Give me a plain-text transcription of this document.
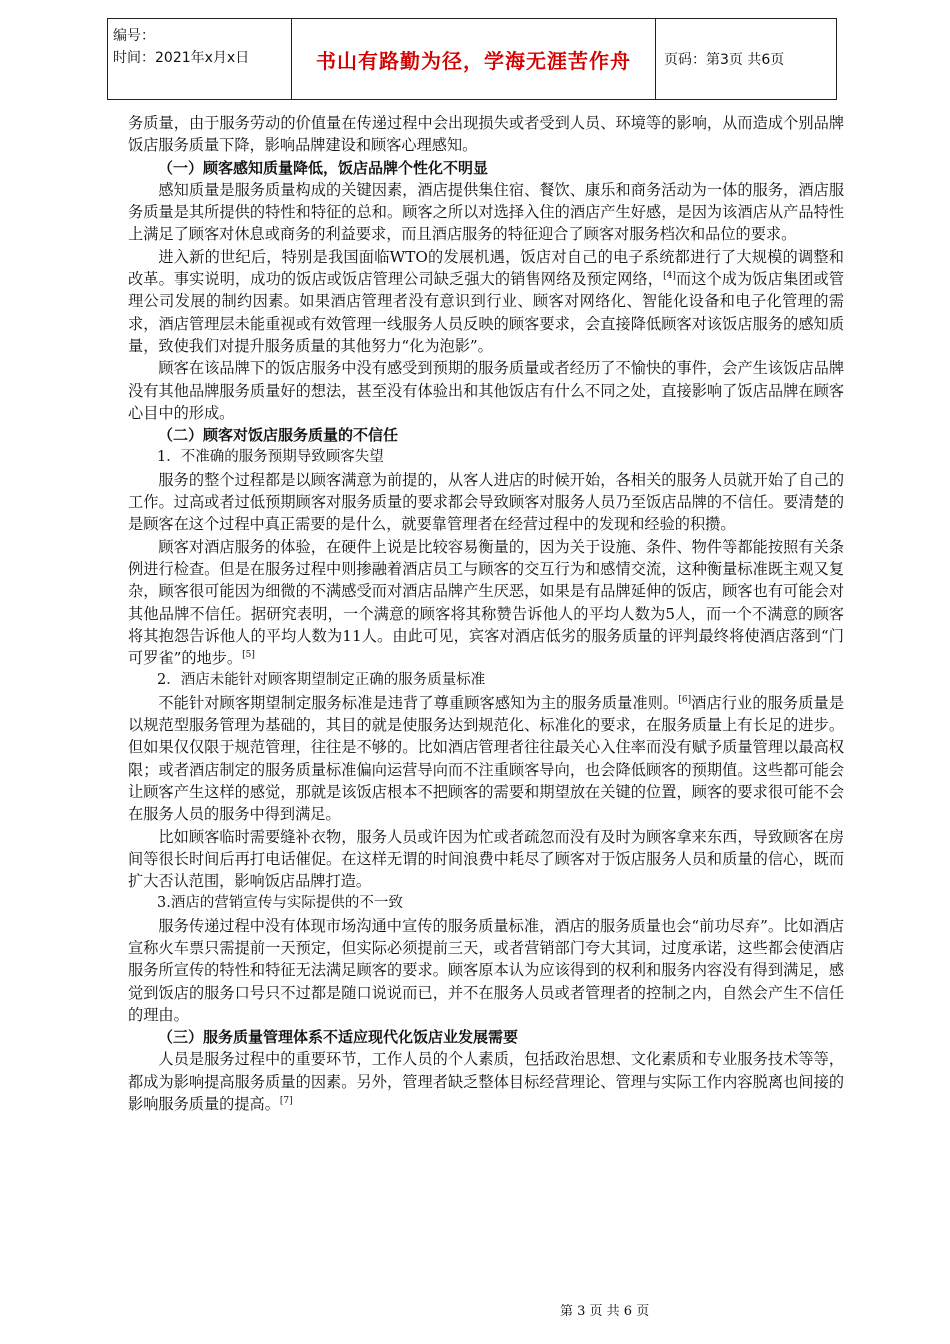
编号：
时间：2021年x月x日	书山有路勤为径，学海无涯苦作舟 页码：第3页 共6页

务质量，由于服务劳动的价值量在传递过程中会出现损失或者受到人员、环境等的影响，从而造成个别品牌饭店服务质量下降，影响品牌建设和顾客心理感知。

（一）顾客感知质量降低，饭店品牌个性化不明显

感知质量是服务质量构成的关键因素，酒店提供集住宿、餐饮、康乐和商务活动为一体的服务，酒店服务质量是其所提供的特性和特征的总和。顾客之所以对选择入住的酒店产生好感，是因为该酒店从产品特性上满足了顾客对休息或商务的利益要求，而且酒店服务的特征迎合了顾客对服务档次和品位的要求。

进入新的世纪后，特别是我国面临WTO的发展机遇，饭店对自己的电子系统都进行了大规模的调整和改革。事实说明，成功的饭店或饭店管理公司缺乏强大的销售网络及预定网络，[4]而这个成为饭店集团或管理公司发展的制约因素。如果酒店管理者没有意识到行业、顾客对网络化、智能化设备和电子化管理的需求，酒店管理层未能重视或有效管理一线服务人员反映的顾客要求，会直接降低顾客对该饭店服务的感知质量，致使我们对提升服务质量的其他努力“化为泡影”。

顾客在该品牌下的饭店服务中没有感受到预期的服务质量或者经历了不愉快的事件，会产生该饭店品牌没有其他品牌服务质量好的想法，甚至没有体验出和其他饭店有什么不同之处，直接影响了饭店品牌在顾客心目中的形成。

（二）顾客对饭店服务质量的不信任

1．不准确的服务预期导致顾客失望

服务的整个过程都是以顾客满意为前提的，从客人进店的时候开始，各相关的服务人员就开始了自己的工作。过高或者过低预期顾客对服务质量的要求都会导致顾客对服务人员乃至饭店品牌的不信任。要清楚的是顾客在这个过程中真正需要的是什么，就要靠管理者在经营过程中的发现和经验的积攒。

顾客对酒店服务的体验，在硬件上说是比较容易衡量的，因为关于设施、条件、物件等都能按照有关条例进行检查。但是在服务过程中则掺融着酒店员工与顾客的交互行为和感情交流，这种衡量标准既主观又复杂，顾客很可能因为细微的不满感受而对酒店品牌产生厌恶，如果是有品牌延伸的饭店，顾客也有可能会对其他品牌不信任。据研究表明，一个满意的顾客将其称赞告诉他人的平均人数为5人，而一个不满意的顾客将其抱怨告诉他人的平均人数为11人。由此可见，宾客对酒店低劣的服务质量的评判最终将使酒店落到“门可罗雀”的地步。[5]

2．酒店未能针对顾客期望制定正确的服务质量标准

不能针对顾客期望制定服务标准是违背了尊重顾客感知为主的服务质量准则。[6]酒店行业的服务质量是以规范型服务管理为基础的，其目的就是使服务达到规范化、标准化的要求，在服务质量上有长足的进步。但如果仅仅限于规范管理，往往是不够的。比如酒店管理者往往最关心入住率而没有赋予质量管理以最高权限；或者酒店制定的服务质量标准偏向运营导向而不注重顾客导向，也会降低顾客的预期值。这些都可能会让顾客产生这样的感觉，那就是该饭店根本不把顾客的需要和期望放在关键的位置，顾客的要求很可能不会在服务人员的服务中得到满足。

比如顾客临时需要缝补衣物，服务人员或许因为忙或者疏忽而没有及时为顾客拿来东西，导致顾客在房间等很长时间后再打电话催促。在这样无谓的时间浪费中耗尽了顾客对于饭店服务人员和质量的信心，既而扩大否认范围，影响饭店品牌打造。

3.酒店的营销宣传与实际提供的不一致

服务传递过程中没有体现市场沟通中宣传的服务质量标准，酒店的服务质量也会“前功尽弃”。比如酒店宣称火车票只需提前一天预定，但实际必须提前三天，或者营销部门夸大其词，过度承诺，这些都会使酒店服务所宣传的特性和特征无法满足顾客的要求。顾客原本认为应该得到的权利和服务内容没有得到满足，感觉到饭店的服务口号只不过都是随口说说而已，并不在服务人员或者管理者的控制之内，自然会产生不信任的理由。

（三）服务质量管理体系不适应现代化饭店业发展需要

人员是服务过程中的重要环节，工作人员的个人素质，包括政治思想、文化素质和专业服务技术等等，都成为影响提高服务质量的因素。另外，管理者缺乏整体目标经营理论、管理与实际工作内容脱离也间接的影响服务质量的提高。[7]

第 3 页 共 6 页
